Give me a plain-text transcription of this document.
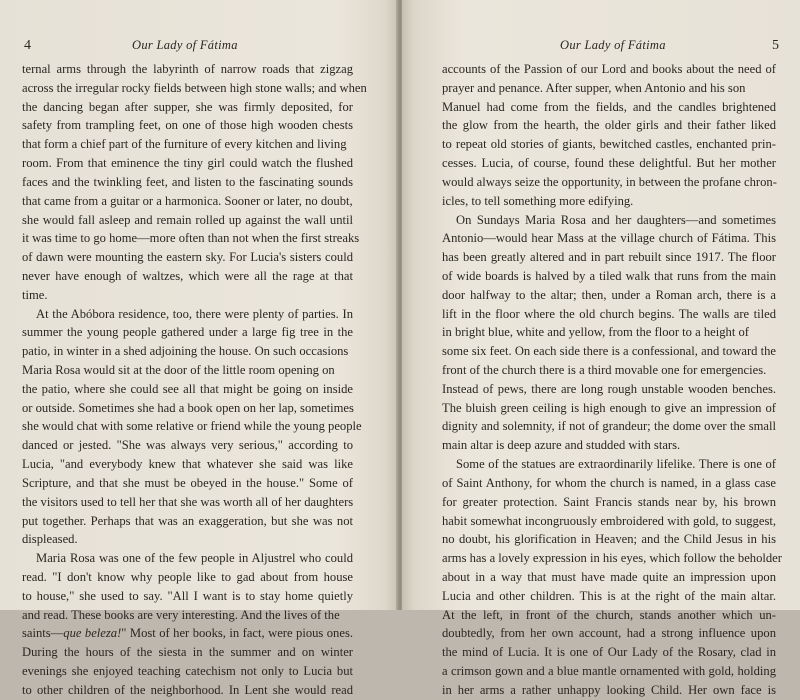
4	Our Lady of Fátima
ternal arms through the labyrinth of narrow roads that zigzag
across the irregular rocky fields between high stone walls; and when
the dancing began after supper, she was firmly deposited, for
safety from trampling feet, on one of those high wooden chests
that form a chief part of the furniture of every kitchen and living
room. From that eminence the tiny girl could watch the flushed
faces and the twinkling feet, and listen to the fascinating sounds
that came from a guitar or a harmonica. Sooner or later, no doubt,
she would fall asleep and remain rolled up against the wall until
it was time to go home—more often than not when the first streaks
of dawn were mounting the eastern sky. For Lucia's sisters could
never have enough of waltzes, which were all the rage at that
time.
At the Abóbora residence, too, there were plenty of parties. In
summer the young people gathered under a large fig tree in the
patio, in winter in a shed adjoining the house. On such occasions
Maria Rosa would sit at the door of the little room opening on
the patio, where she could see all that might be going on inside
or outside. Sometimes she had a book open on her lap, sometimes
she would chat with some relative or friend while the young people
danced or jested. "She was always very serious," according to
Lucia, "and everybody knew that whatever she said was like
Scripture, and that she must be obeyed in the house." Some of
the visitors used to tell her that she was worth all of her daughters
put together. Perhaps that was an exaggeration, but she was not
displeased.
Maria Rosa was one of the few people in Aljustrel who could
read. "I don't know why people like to gad about from house
to house," she used to say. "All I want is to stay home quietly
and read. These books are very interesting. And the lives of the
saints—que beleza!" Most of her books, in fact, were pious ones.
During the hours of the siesta in the summer and on winter
evenings she enjoyed teaching catechism not only to Lucia but
to other children of the neighborhood. In Lent she would read
Our Lady of Fátima	5
accounts of the Passion of our Lord and books about the need of
prayer and penance. After supper, when Antonio and his son
Manuel had come from the fields, and the candles brightened
the glow from the hearth, the older girls and their father liked
to repeat old stories of giants, bewitched castles, enchanted prin-
cesses. Lucia, of course, found these delightful. But her mother
would always seize the opportunity, in between the profane chron-
icles, to tell something more edifying.
On Sundays Maria Rosa and her daughters—and sometimes
Antonio—would hear Mass at the village church of Fátima. This
has been greatly altered and in part rebuilt since 1917. The floor
of wide boards is halved by a tiled walk that runs from the main
door halfway to the altar; then, under a Roman arch, there is a
lift in the floor where the old church begins. The walls are tiled
in bright blue, white and yellow, from the floor to a height of
some six feet. On each side there is a confessional, and toward the
front of the church there is a third movable one for emergencies.
Instead of pews, there are long rough unstable wooden benches.
The bluish green ceiling is high enough to give an impression of
dignity and solemnity, if not of grandeur; the dome over the small
main altar is deep azure and studded with stars.
Some of the statues are extraordinarily lifelike. There is one of
of Saint Anthony, for whom the church is named, in a glass case
for greater protection. Saint Francis stands near by, his brown
habit somewhat incongruously embroidered with gold, to suggest,
no doubt, his glorification in Heaven; and the Child Jesus in his
arms has a lovely expression in his eyes, which follow the beholder
about in a way that must have made quite an impression upon
Lucia and other children. This is at the right of the main altar.
At the left, in front of the church, stands another which un-
doubtedly, from her own account, had a strong influence upon
the mind of Lucia. It is one of Our Lady of the Rosary, clad in
a crimson gown and a blue mantle ornamented with gold, holding
in her arms a rather unhappy looking Child. Her own face is
